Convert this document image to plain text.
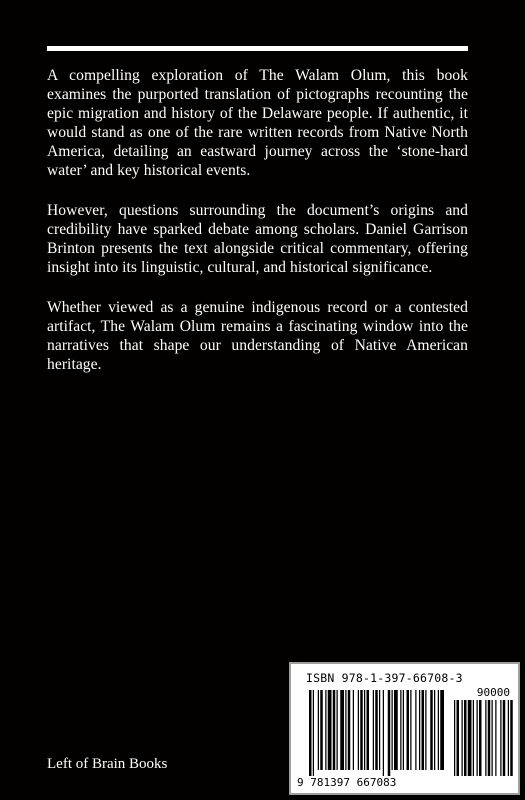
A compelling exploration of The Walam Olum, this book examines the purported translation of pictographs recounting the epic migration and history of the Delaware people. If authentic, it would stand as one of the rare written records from Native North America, detailing an eastward journey across the ‘stone-hard water’ and key historical events.

However, questions surrounding the document’s origins and credibility have sparked debate among scholars. Daniel Garrison Brinton presents the text alongside critical commentary, offering insight into its linguistic, cultural, and historical significance.

Whether viewed as a genuine indigenous record or a contested artifact, The Walam Olum remains a fascinating window into the narratives that shape our understanding of Native American heritage.

Left of Brain Books
ISBN 978-1-397-66708-3
90000
9 781397 667083
